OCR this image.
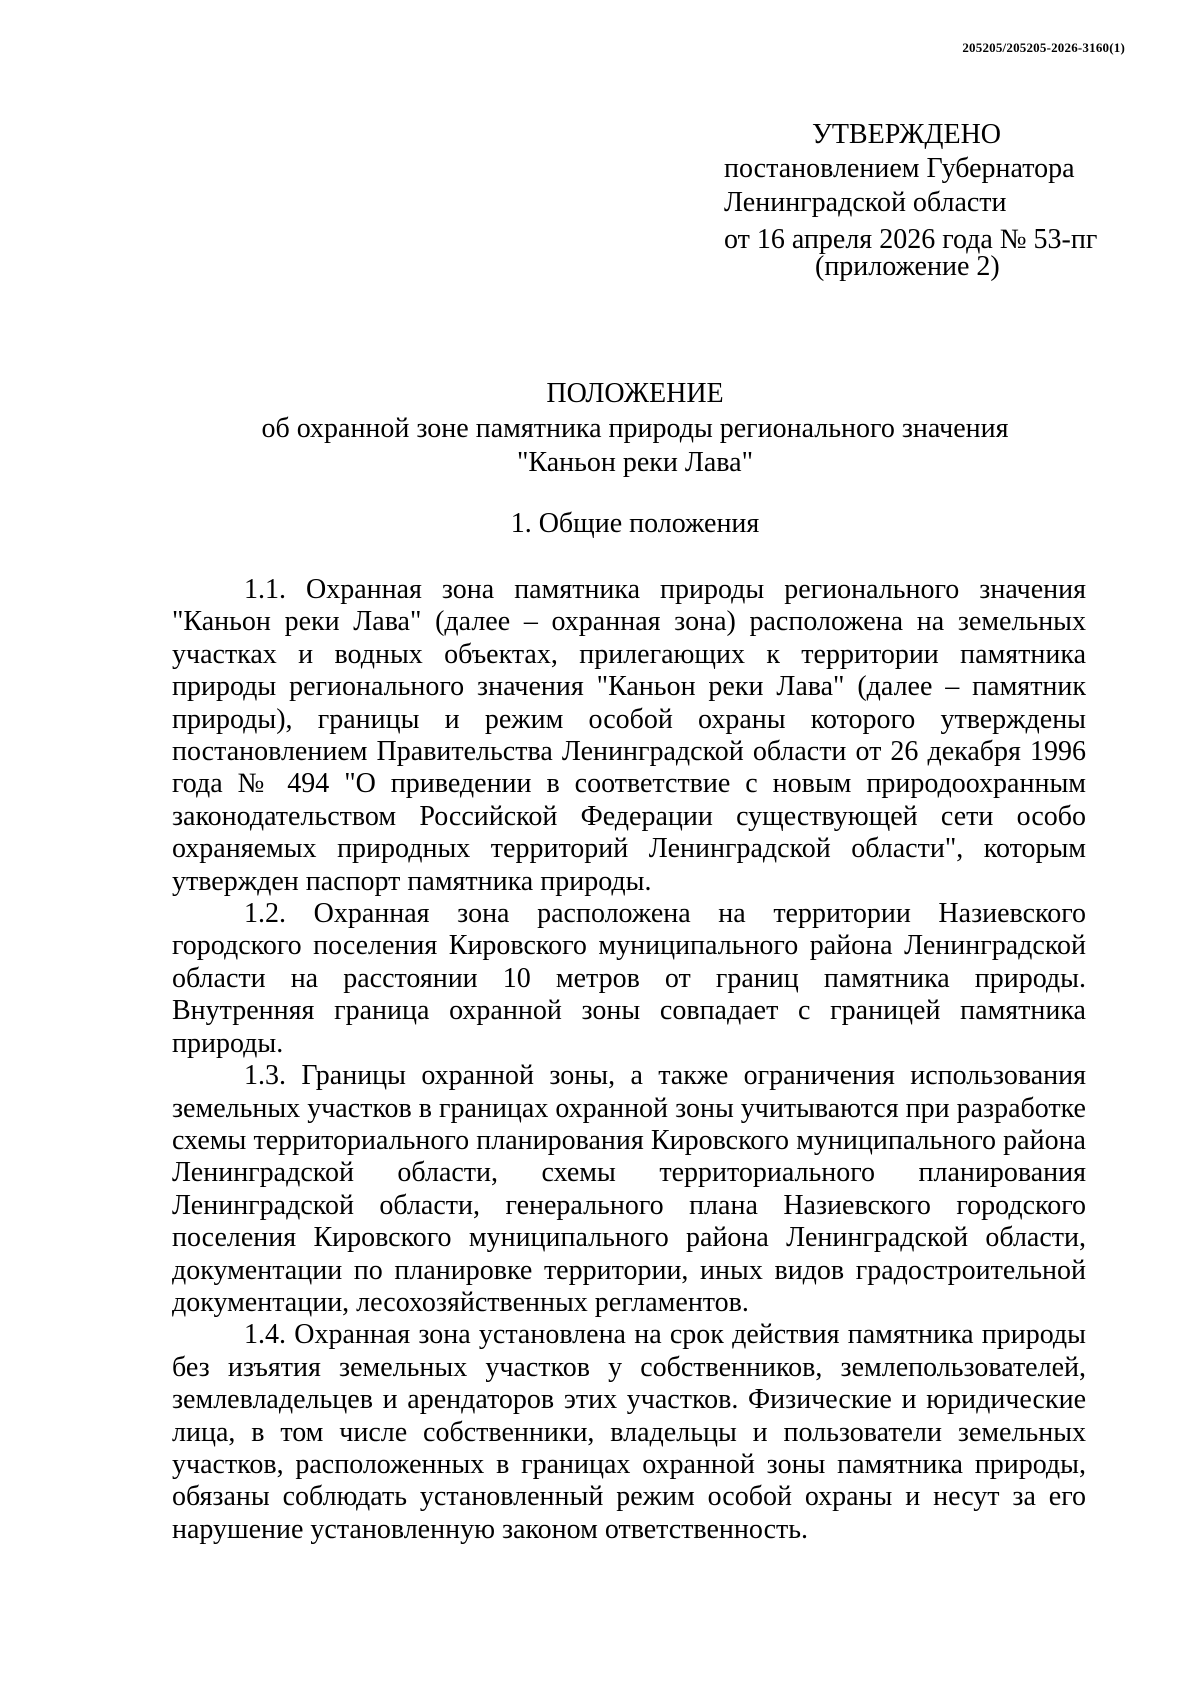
205205/205205-2026-3160(1)
УТВЕРЖДЕНО
постановлением Губернатора
Ленинградской области
от 16 апреля 2026 года № 53-пг
(приложение 2)
ПОЛОЖЕНИЕ
об охранной зоне памятника природы регионального значения
"Каньон реки Лава"
1. Общие положения

1.1. Охранная зона памятника природы регионального значения "Каньон реки Лава" (далее – охранная зона) расположена на земельных участках и водных объектах, прилегающих к территории памятника природы регионального значения "Каньон реки Лава" (далее – памятник природы), границы и режим особой охраны которого утверждены постановлением Правительства Ленинградской области от 26 декабря 1996 года № 494 "О приведении в соответствие с новым природоохранным законодательством Российской Федерации существующей сети особо охраняемых природных территорий Ленинградской области", которым утвержден паспорт памятника природы.

1.2. Охранная зона расположена на территории Назиевского городского поселения Кировского муниципального района Ленинградской области на расстоянии 10 метров от границ памятника природы. Внутренняя граница охранной зоны совпадает с границей памятника природы.

1.3. Границы охранной зоны, а также ограничения использования земельных участков в границах охранной зоны учитываются при разработке схемы территориального планирования Кировского муниципального района Ленинградской области, схемы территориального планирования Ленинградской области, генерального плана Назиевского городского поселения Кировского муниципального района Ленинградской области, документации по планировке территории, иных видов градостроительной документации, лесохозяйственных регламентов.

1.4. Охранная зона установлена на срок действия памятника природы без изъятия земельных участков у собственников, землепользователей, землевладельцев и арендаторов этих участков. Физические и юридические лица, в том числе собственники, владельцы и пользователи земельных участков, расположенных в границах охранной зоны памятника природы, обязаны соблюдать установленный режим особой охраны и несут за его нарушение установленную законом ответственность.
